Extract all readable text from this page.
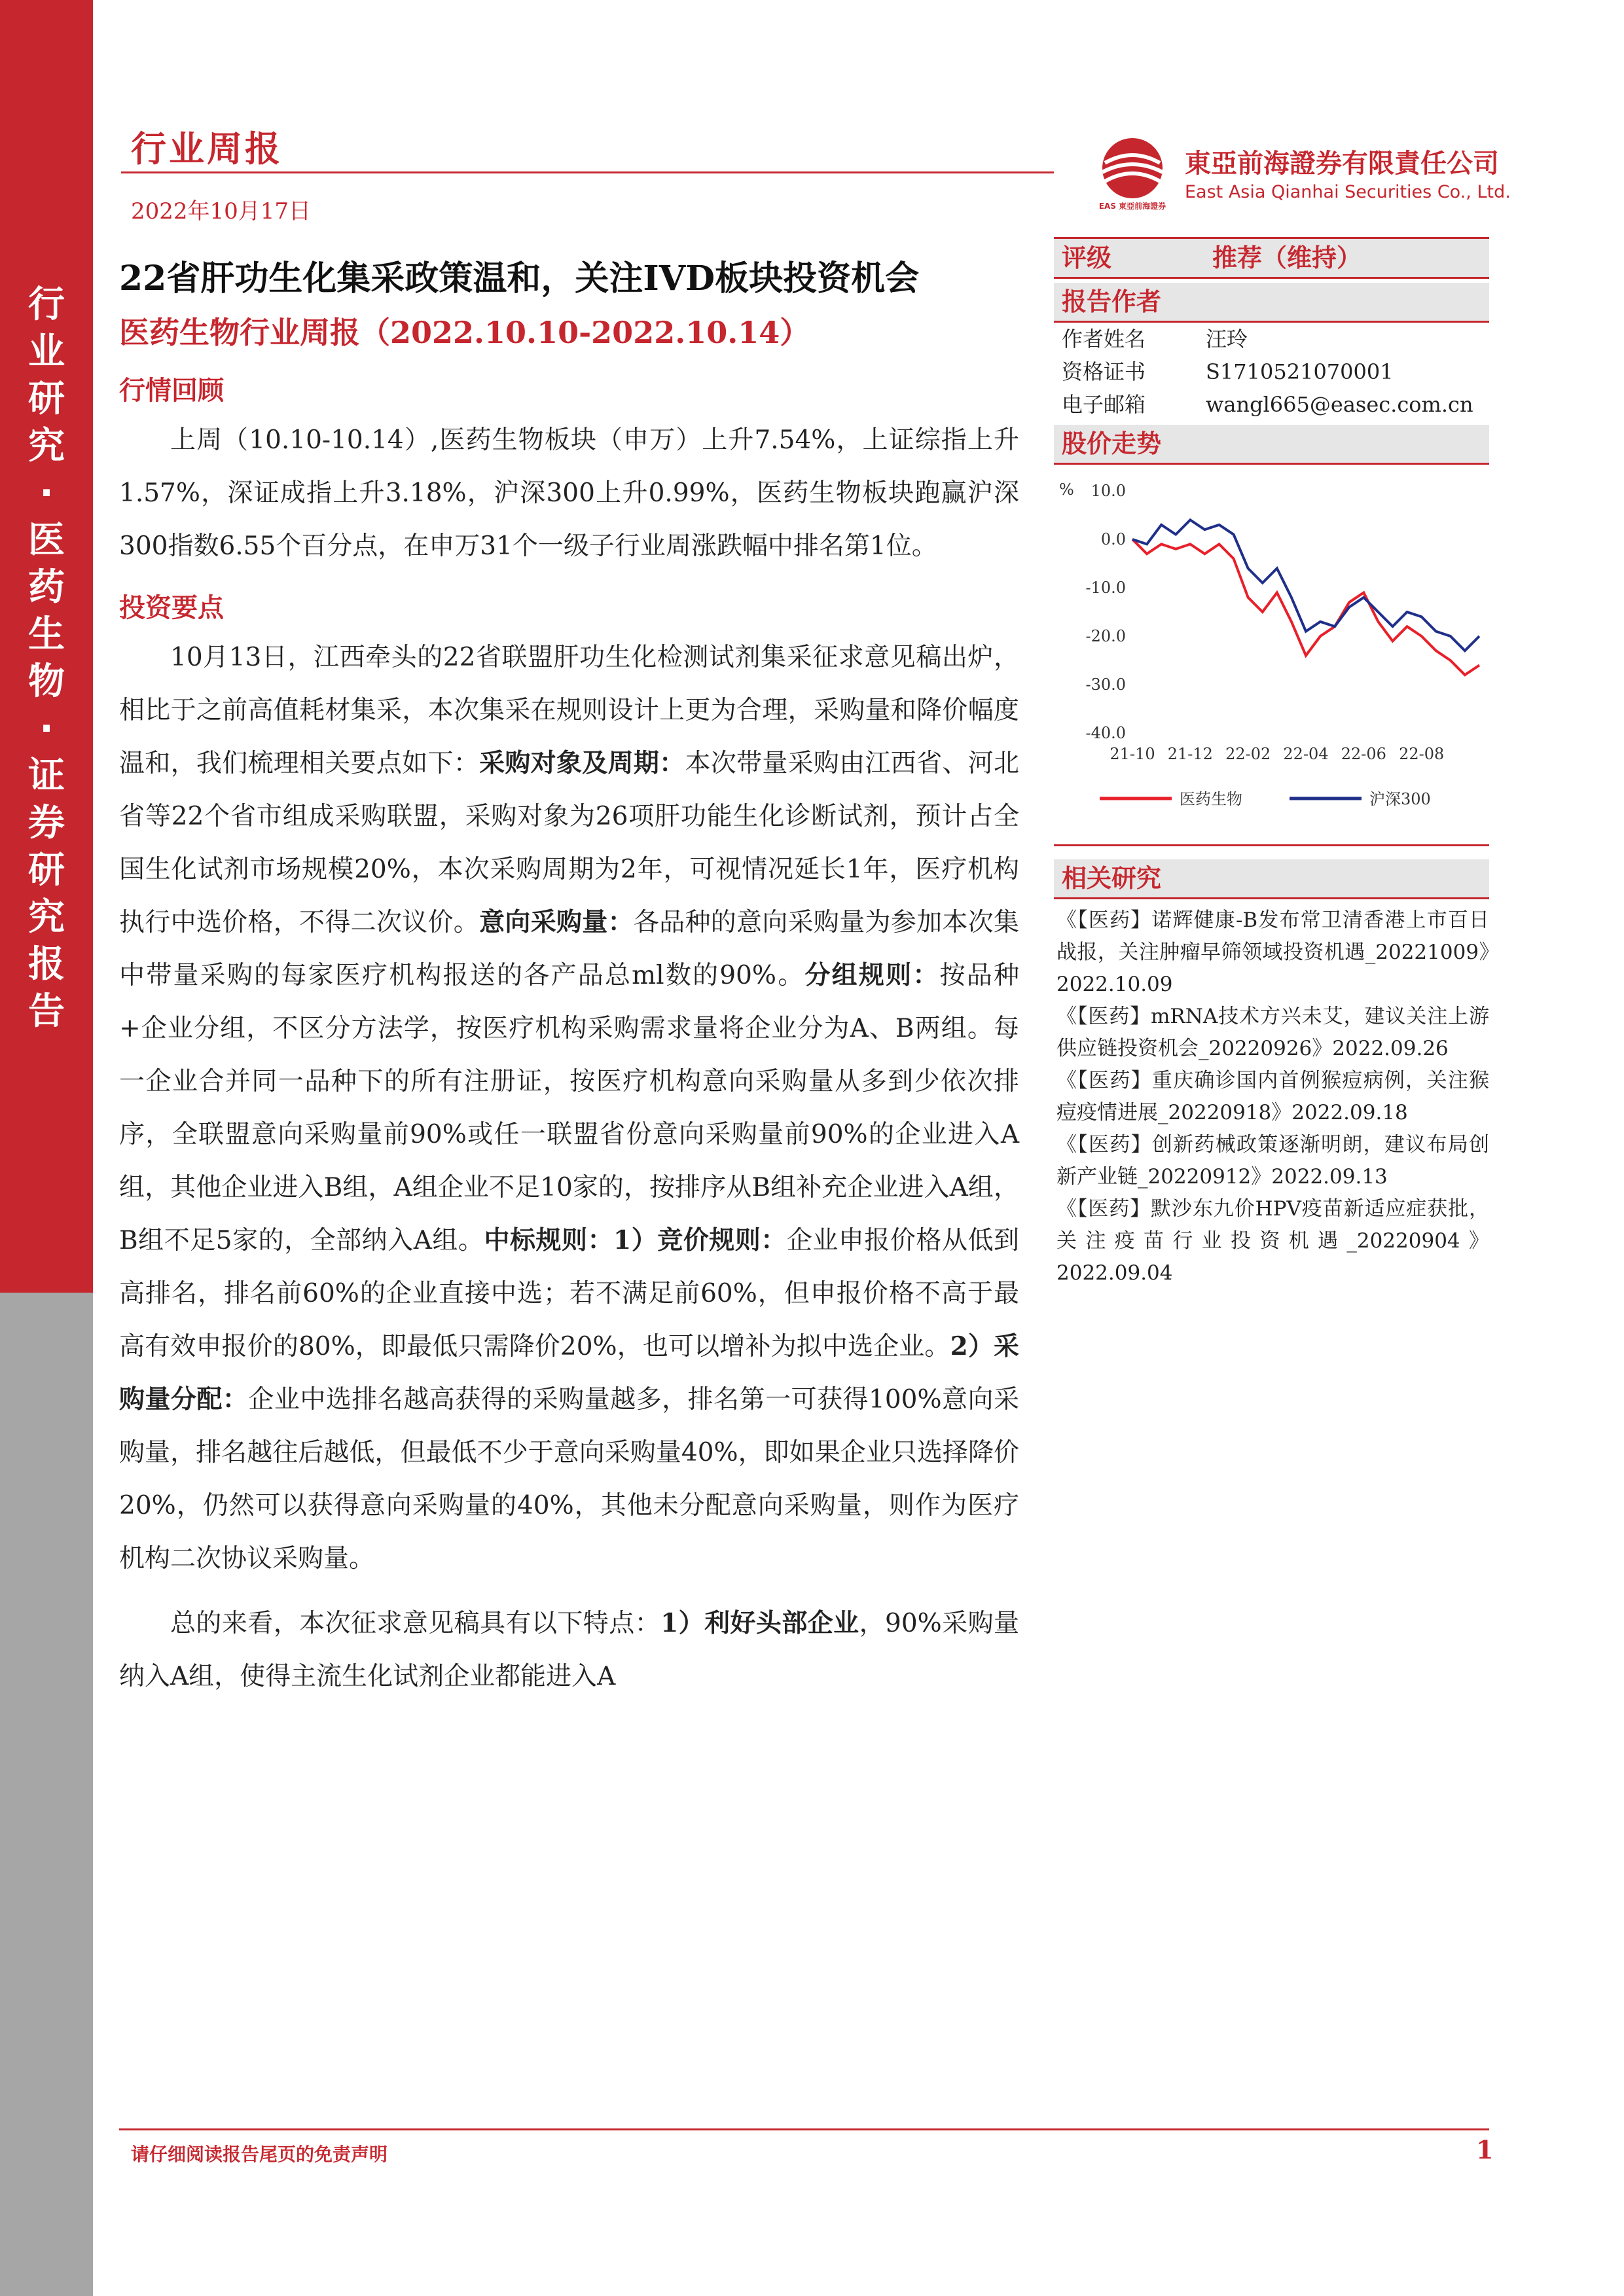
行业研究·医药生物·证券研究报告
行业周报
2022年10月17日	EAS 東亞前海證券
東亞前海證券有限責任公司
East Asia Qianhai Securities Co., Ltd.
22省肝功生化集采政策温和，关注IVD板块投资机会
医药生物行业周报（2022.10.10-2022.10.14）
行情回顾

上周（10.10-10.14）,医药生物板块（申万）上升7.54%，上证综指上升1.57%，深证成指上升3.18%，沪深300上升0.99%，医药生物板块跑赢沪深300指数6.55个百分点，在申万31个一级子行业周涨跌幅中排名第1位。

投资要点

10月13日，江西牵头的22省联盟肝功生化检测试剂集采征求意见稿出炉，相比于之前高值耗材集采，本次集采在规则设计上更为合理，采购量和降价幅度温和，我们梳理相关要点如下：采购对象及周期：本次带量采购由江西省、河北省等22个省市组成采购联盟，采购对象为26项肝功能生化诊断试剂，预计占全国生化试剂市场规模20%，本次采购周期为2年，可视情况延长1年，医疗机构执行中选价格，不得二次议价。意向采购量：各品种的意向采购量为参加本次集中带量采购的每家医疗机构报送的各产品总ml数的90%。分组规则：按品种+企业分组，不区分方法学，按医疗机构采购需求量将企业分为A、B两组。每一企业合并同一品种下的所有注册证，按医疗机构意向采购量从多到少依次排序，全联盟意向采购量前90%或任一联盟省份意向采购量前90%的企业进入A组，其他企业进入B组，A组企业不足10家的，按排序从B组补充企业进入A组，B组不足5家的，全部纳入A组。中标规则：1）竞价规则：企业申报价格从低到高排名，排名前60%的企业直接中选；若不满足前60%，但申报价格不高于最高有效申报价的80%，即最低只需降价20%，也可以增补为拟中选企业。2）采购量分配：企业中选排名越高获得的采购量越多，排名第一可获得100%意向采购量，排名越往后越低，但最低不少于意向采购量40%，即如果企业只选择降价20%，仍然可以获得意向采购量的40%，其他未分配意向采购量，则作为医疗机构二次协议采购量。

总的来看，本次征求意见稿具有以下特点：1）利好头部企业，90%采购量纳入A组，使得主流生化试剂企业都能进入A

评级	推荐（维持）
报告作者
作者姓名	汪玲
资格证书	S1710521070001
电子邮箱	wangl665@easec.com.cn
股价走势
% 10.0
0.0
-10.0
-20.0
-30.0
-40.0
21-10 21-12 22-02 22-04 22-06 22-08
医药生物	沪深300
相关研究
《【医药】诺辉健康-B发布常卫清香港上市百日战报，关注肿瘤早筛领域投资机遇_20221009》2022.10.09
《【医药】mRNA技术方兴未艾，建议关注上游供应链投资机会_20220926》2022.09.26
《【医药】重庆确诊国内首例猴痘病例，关注猴痘疫情进展_20220918》2022.09.18
《【医药】创新药械政策逐渐明朗，建议布局创新产业链_20220912》2022.09.13
《【医药】默沙东九价HPV疫苗新适应症获批，关注疫苗行业投资机遇_20220904》2022.09.04
请仔细阅读报告尾页的免责声明	1
